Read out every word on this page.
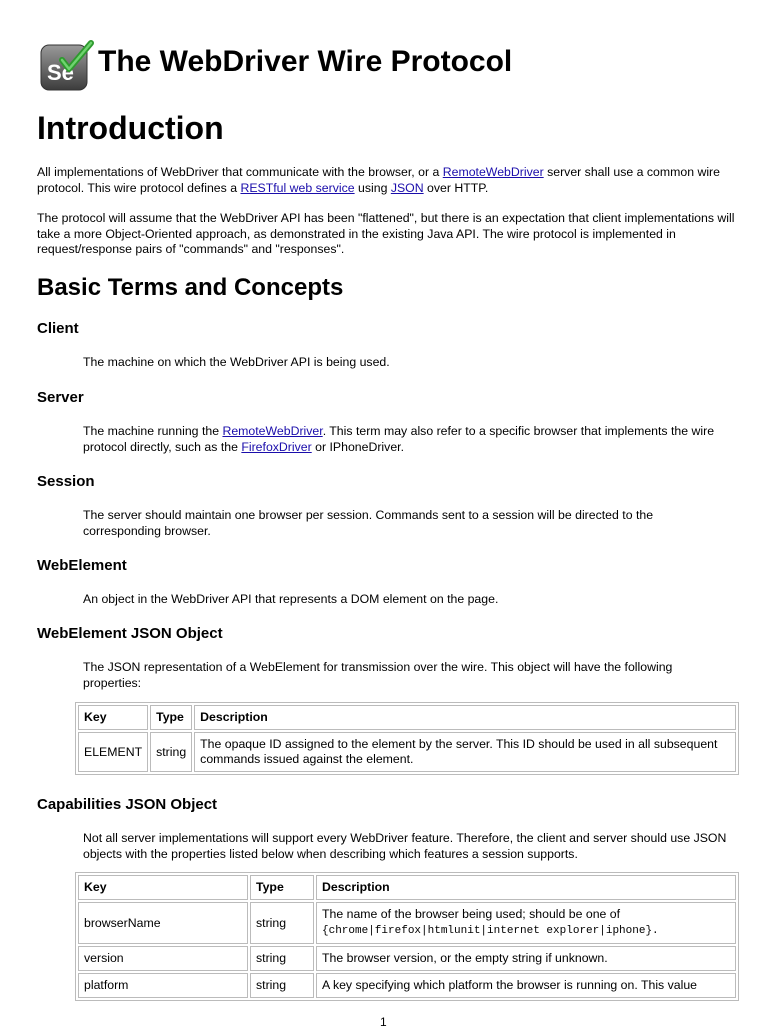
Se The WebDriver Wire Protocol
Introduction

All implementations of WebDriver that communicate with the browser, or a RemoteWebDriver server shall use a common wire protocol. This wire protocol defines a RESTful web service using JSON over HTTP.

The protocol will assume that the WebDriver API has been "flattened", but there is an expectation that client implementations will take a more Object-Oriented approach, as demonstrated in the existing Java API. The wire protocol is implemented in request/response pairs of "commands" and "responses".

Basic Terms and Concepts
Client

The machine on which the WebDriver API is being used.

Server

The machine running the RemoteWebDriver. This term may also refer to a specific browser that implements the wire protocol directly, such as the FirefoxDriver or IPhoneDriver.

Session

The server should maintain one browser per session. Commands sent to a session will be directed to the corresponding browser.

WebElement

An object in the WebDriver API that represents a DOM element on the page.

WebElement JSON Object

The JSON representation of a WebElement for transmission over the wire. This object will have the following properties:

Key	Type	Description
ELEMENT	string	The opaque ID assigned to the element by the server. This ID should be used in all subsequent commands issued against the element.
Capabilities JSON Object

Not all server implementations will support every WebDriver feature. Therefore, the client and server should use JSON objects with the properties listed below when describing which features a session supports.

Key	Type	Description
browserName	string	The name of the browser being used; should be one of
{chrome|firefox|htmlunit|internet explorer|iphone}.
version	string	The browser version, or the empty string if unknown.
platform	string	A key specifying which platform the browser is running on. This value
1
